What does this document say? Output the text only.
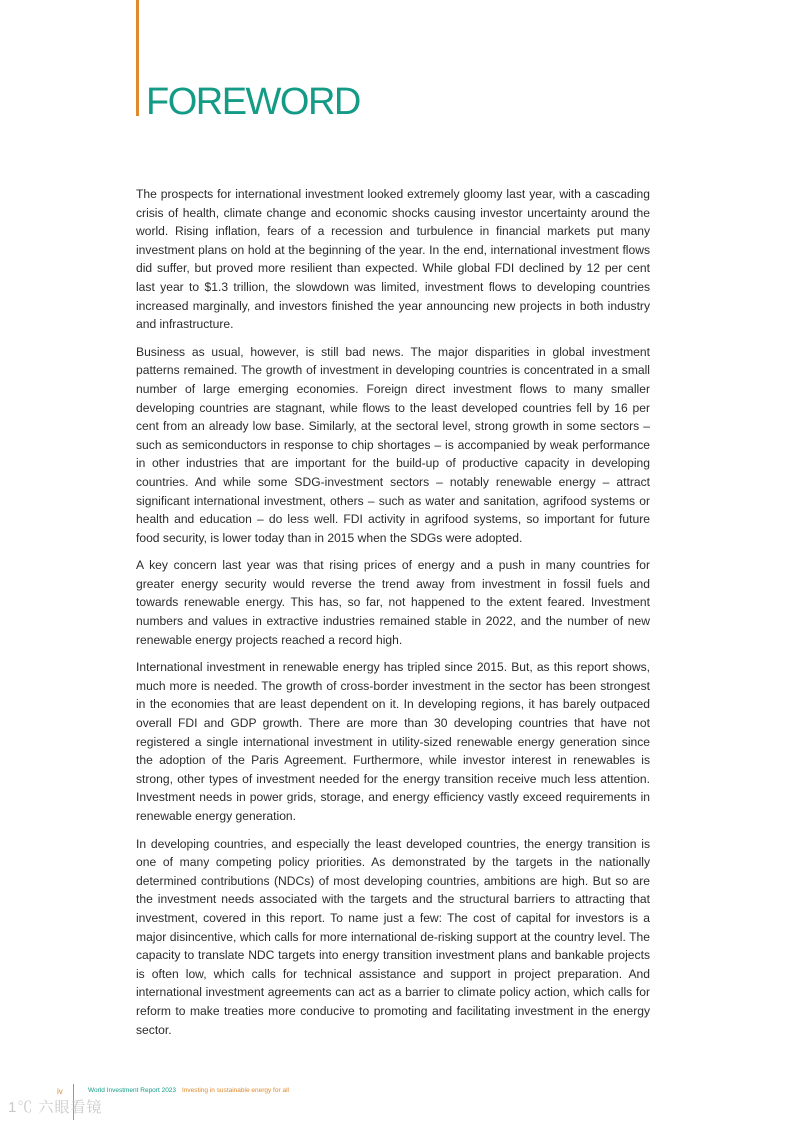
FOREWORD

The prospects for international investment looked extremely gloomy last year, with a cascading crisis of health, climate change and economic shocks causing investor uncertainty around the world. Rising inflation, fears of a recession and turbulence in financial markets put many investment plans on hold at the beginning of the year. In the end, international investment flows did suffer, but proved more resilient than expected. While global FDI declined by 12 per cent last year to $1.3 trillion, the slowdown was limited, investment flows to developing countries increased marginally, and investors finished the year announcing new projects in both industry and infrastructure.

Business as usual, however, is still bad news. The major disparities in global investment patterns remained. The growth of investment in developing countries is concentrated in a small number of large emerging economies. Foreign direct investment flows to many smaller developing countries are stagnant, while flows to the least developed countries fell by 16 per cent from an already low base. Similarly, at the sectoral level, strong growth in some sectors – such as semiconductors in response to chip shortages – is accompanied by weak performance in other industries that are important for the build-up of productive capacity in developing countries. And while some SDG-investment sectors – notably renewable energy – attract significant international investment, others – such as water and sanitation, agrifood systems or health and education – do less well. FDI activity in agrifood systems, so important for future food security, is lower today than in 2015 when the SDGs were adopted.

A key concern last year was that rising prices of energy and a push in many countries for greater energy security would reverse the trend away from investment in fossil fuels and towards renewable energy. This has, so far, not happened to the extent feared. Investment numbers and values in extractive industries remained stable in 2022, and the number of new renewable energy projects reached a record high.

International investment in renewable energy has tripled since 2015. But, as this report shows, much more is needed. The growth of cross-border investment in the sector has been strongest in the economies that are least dependent on it. In developing regions, it has barely outpaced overall FDI and GDP growth. There are more than 30 developing countries that have not registered a single international investment in utility-sized renewable energy generation since the adoption of the Paris Agreement. Furthermore, while investor interest in renewables is strong, other types of investment needed for the energy transition receive much less attention. Investment needs in power grids, storage, and energy efficiency vastly exceed requirements in renewable energy generation.

In developing countries, and especially the least developed countries, the energy transition is one of many competing policy priorities. As demonstrated by the targets in the nationally determined contributions (NDCs) of most developing countries, ambitions are high. But so are the investment needs associated with the targets and the structural barriers to attracting that investment, covered in this report. To name just a few: The cost of capital for investors is a major disincentive, which calls for more international de-risking support at the country level. The capacity to translate NDC targets into energy transition investment plans and bankable projects is often low, which calls for technical assistance and support in project preparation. And international investment agreements can act as a barrier to climate policy action, which calls for reform to make treaties more conducive to promoting and facilitating investment in the energy sector.

iv	World Investment Report 2023 Investing in sustainable energy for all
1℃ 六眼看镜
